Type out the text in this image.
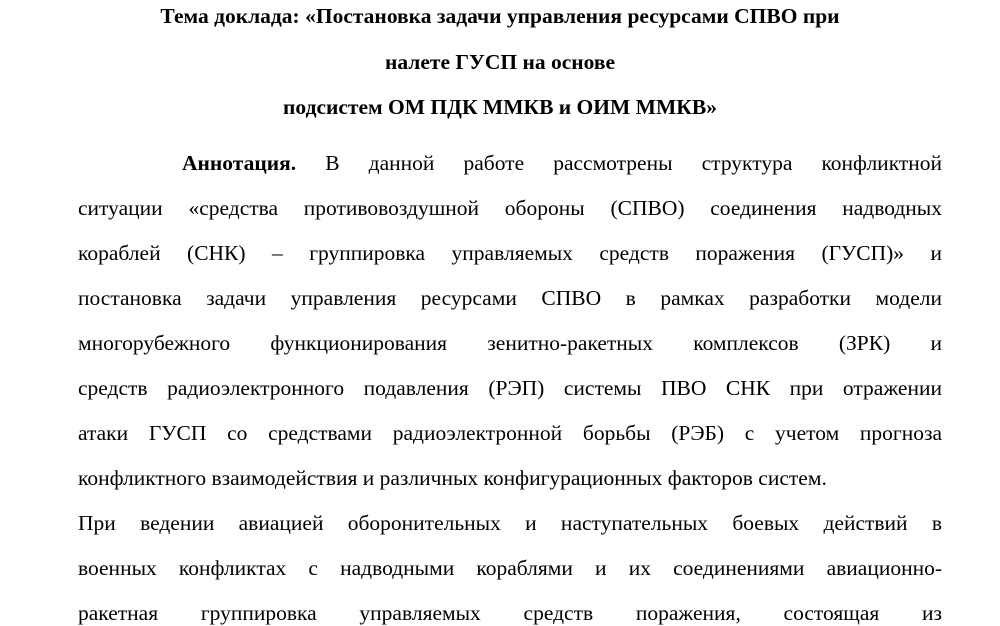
Тема доклада: «Постановка задачи управления ресурсами СПВО при
налете ГУСП на основе
подсистем ОМ ПДК ММКВ и ОИМ ММКВ»
Аннотация. В данной работе рассмотрены структура конфликтной
ситуации «средства противовоздушной обороны (СПВО) соединения надводных
кораблей (СНК) – группировка управляемых средств поражения (ГУСП)» и
постановка задачи управления ресурсами СПВО в рамках разработки модели
многорубежного функционирования зенитно-ракетных комплексов (ЗРК) и
средств радиоэлектронного подавления (РЭП) системы ПВО СНК при отражении
атаки ГУСП со средствами радиоэлектронной борьбы (РЭБ) с учетом прогноза
конфликтного взаимодействия и различных конфигурационных факторов систем.
При ведении авиацией оборонительных и наступательных боевых действий в
военных конфликтах с надводными кораблями и их соединениями авиационно-
ракетная группировка управляемых средств поражения, состоящая из
